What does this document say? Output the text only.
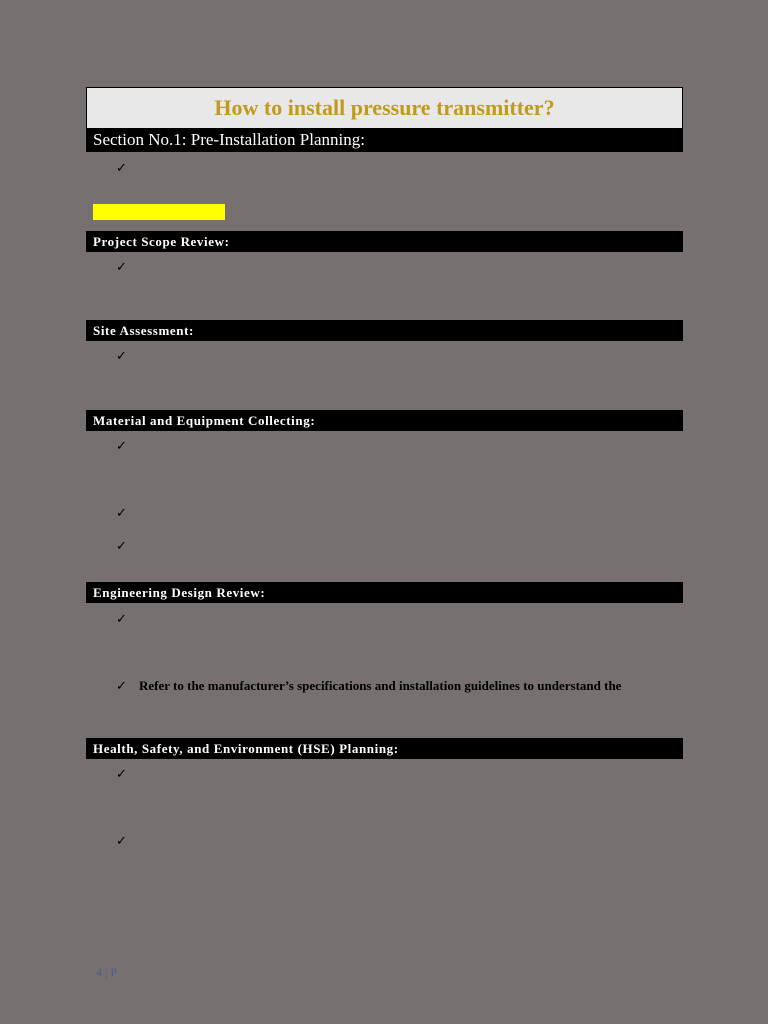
How to install pressure transmitter?
Section No.1: Pre-Installation Planning:
✓
Project Scope Review:
✓
Site Assessment:
✓
Material and Equipment Collecting:
✓
✓
✓
Engineering Design Review:
✓
✓ Refer to the manufacturer’s specifications and installation guidelines to understand the
Health, Safety, and Environment (HSE) Planning:
✓
✓
4 | P
